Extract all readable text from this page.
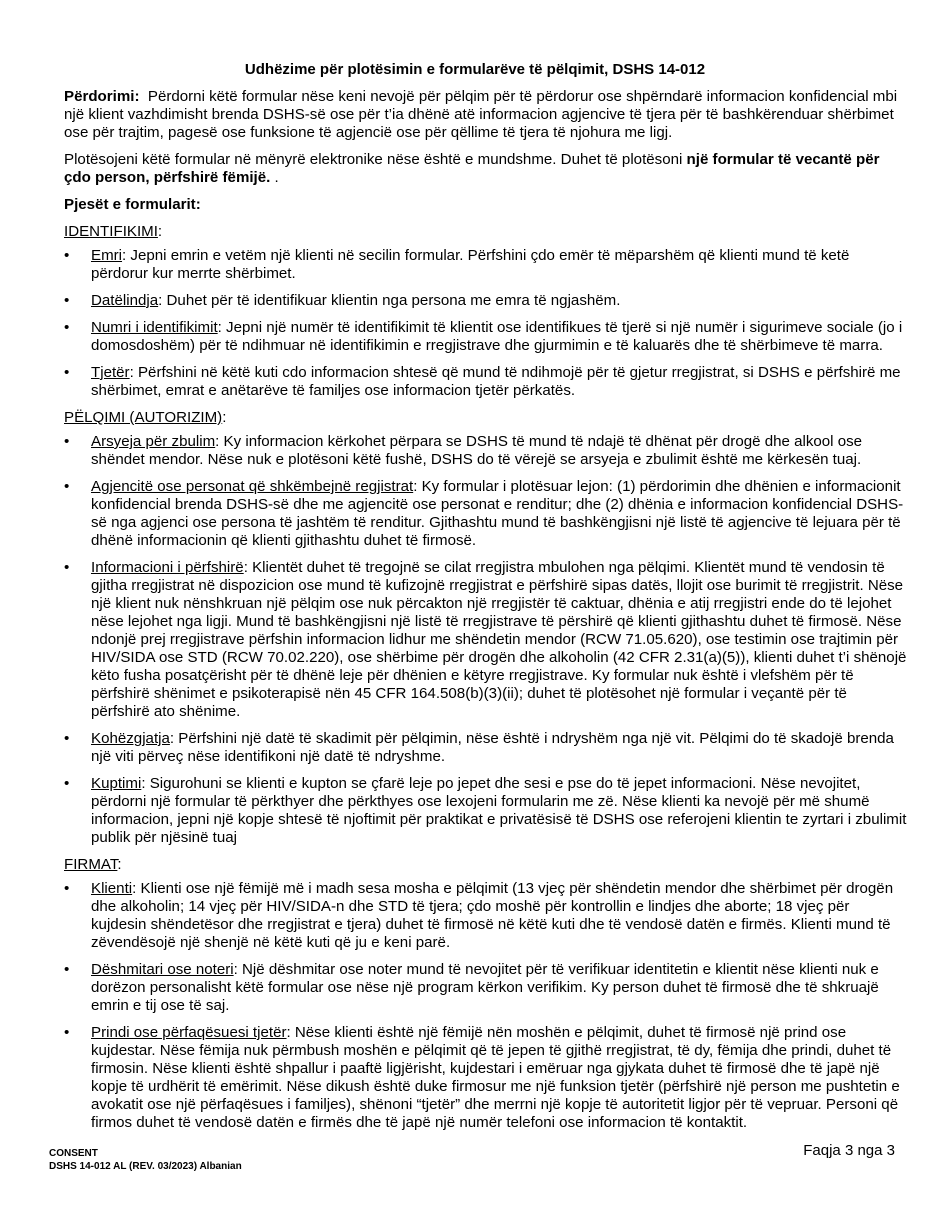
Udhëzime për plotësimin e formularëve të pëlqimit, DSHS 14-012

Përdorimi: Përdorni këtë formular nëse keni nevojë për pëlqim për të përdorur ose shpërndarë informacion konfidencial mbi një klient vazhdimisht brenda DSHS-së ose për t’ia dhënë atë informacion agjencive të tjera për të bashkërenduar shërbimet ose për trajtim, pagesë ose funksione të agjencië ose për qëllime të tjera të njohura me ligj.

Plotësojeni këtë formular në mënyrë elektronike nëse është e mundshme. Duhet të plotësoni një formular të vecantë për çdo person, përfshirë fëmijë. .

Pjesët e formularit:

IDENTIFIKIMI:
• Emri: Jepni emrin e vetëm një klienti në secilin formular. Përfshini çdo emër të mëparshëm që klienti mund të ketë përdorur kur merrte shërbimet.
• Datëlindja: Duhet për të identifikuar klientin nga persona me emra të ngjashëm.
• Numri i identifikimit: Jepni një numër të identifikimit të klientit ose identifikues të tjerë si një numër i sigurimeve sociale (jo i domosdoshëm) për të ndihmuar në identifikimin e rregjistrave dhe gjurmimin e të kaluarës dhe të shërbimeve të marra.
• Tjetër: Përfshini në këtë kuti cdo informacion shtesë që mund të ndihmojë për të gjetur rregjistrat, si DSHS e përfshirë me shërbimet, emrat e anëtarëve të familjes ose informacion tjetër përkatës.
PËLQIMI (AUTORIZIM):
• Arsyeja për zbulim: Ky informacion kërkohet përpara se DSHS të mund të ndajë të dhënat për drogë dhe alkool ose shëndet mendor. Nëse nuk e plotësoni këtë fushë, DSHS do të vërejë se arsyeja e zbulimit është me kërkesën tuaj.
• Agjencitë ose personat që shkëmbejnë regjistrat: Ky formular i plotësuar lejon: (1) përdorimin dhe dhënien e informacionit konfidencial brenda DSHS-së dhe me agjencitë ose personat e renditur; dhe (2) dhënia e informacion konfidencial DSHS-së nga agjenci ose persona të jashtëm të renditur. Gjithashtu mund të bashkëngjisni një listë të agjencive të lejuara për të dhënë informacionin që klienti gjithashtu duhet të firmosë.
• Informacioni i përfshirë: Klientët duhet të tregojnë se cilat rregjistra mbulohen nga pëlqimi. Klientët mund të vendosin të gjitha rregjistrat në dispozicion ose mund të kufizojnë rregjistrat e përfshirë sipas datës, llojit ose burimit të rregjistrit. Nëse një klient nuk nënshkruan një pëlqim ose nuk përcakton një rregjistër të caktuar, dhënia e atij rregjistri ende do të lejohet nëse lejohet nga ligji. Mund të bashkëngjisni një listë të rregjistrave të përshirë që klienti gjithashtu duhet të firmosë. Nëse ndonjë prej rregjistrave përfshin informacion lidhur me shëndetin mendor (RCW 71.05.620), ose testimin ose trajtimin për HIV/SIDA ose STD (RCW 70.02.220), ose shërbime për drogën dhe alkoholin (42 CFR 2.31(a)(5)), klienti duhet t’i shënojë këto fusha posatçërisht për të dhënë leje për dhënien e këtyre rregjistrave. Ky formular nuk është i vlefshëm për të përfshirë shënimet e psikoterapisë nën 45 CFR 164.508(b)(3)(ii); duhet të plotësohet një formular i veçantë për të përfshirë ato shënime.
• Kohëzgjatja: Përfshini një datë të skadimit për pëlqimin, nëse është i ndryshëm nga një vit. Pëlqimi do të skadojë brenda një viti përveç nëse identifikoni një datë të ndryshme.
• Kuptimi: Sigurohuni se klienti e kupton se çfarë leje po jepet dhe sesi e pse do të jepet informacioni. Nëse nevojitet, përdorni një formular të përkthyer dhe përkthyes ose lexojeni formularin me zë. Nëse klienti ka nevojë për më shumë informacion, jepni një kopje shtesë të njoftimit për praktikat e privatësisë të DSHS ose referojeni klientin te zyrtari i zbulimit publik për njësinë tuaj
FIRMAT:
• Klienti: Klienti ose një fëmijë më i madh sesa mosha e pëlqimit (13 vjeç për shëndetin mendor dhe shërbimet për drogën dhe alkoholin; 14 vjeç për HIV/SIDA-n dhe STD të tjera; çdo moshë për kontrollin e lindjes dhe aborte; 18 vjeç për kujdesin shëndetësor dhe rregjistrat e tjera) duhet të firmosë në këtë kuti dhe të vendosë datën e firmës. Klienti mund të zëvendësojë një shenjë në këtë kuti që ju e keni parë.
• Dëshmitari ose noteri: Një dëshmitar ose noter mund të nevojitet për të verifikuar identitetin e klientit nëse klienti nuk e dorëzon personalisht këtë formular ose nëse një program kërkon verifikim. Ky person duhet të firmosë dhe të shkruajë emrin e tij ose të saj.
• Prindi ose përfaqësuesi tjetër: Nëse klienti është një fëmijë nën moshën e pëlqimit, duhet të firmosë një prind ose kujdestar. Nëse fëmija nuk përmbush moshën e pëlqimit që të jepen të gjithë rregjistrat, të dy, fëmija dhe prindi, duhet të firmosin. Nëse klienti është shpallur i paaftë ligjërisht, kujdestari i emëruar nga gjykata duhet të firmosë dhe të japë një kopje të urdhërit të emërimit. Nëse dikush është duke firmosur me një funksion tjetër (përfshirë një person me pushtetin e avokatit ose një përfaqësues i familjes), shënoni “tjetër” dhe merrni një kopje të autoritetit ligjor për të vepruar. Personi që firmos duhet të vendosë datën e firmës dhe të japë një numër telefoni ose informacion të kontaktit.
CONSENT
DSHS 14-012 AL (REV. 03/2023) Albanian
Faqja 3 nga 3
